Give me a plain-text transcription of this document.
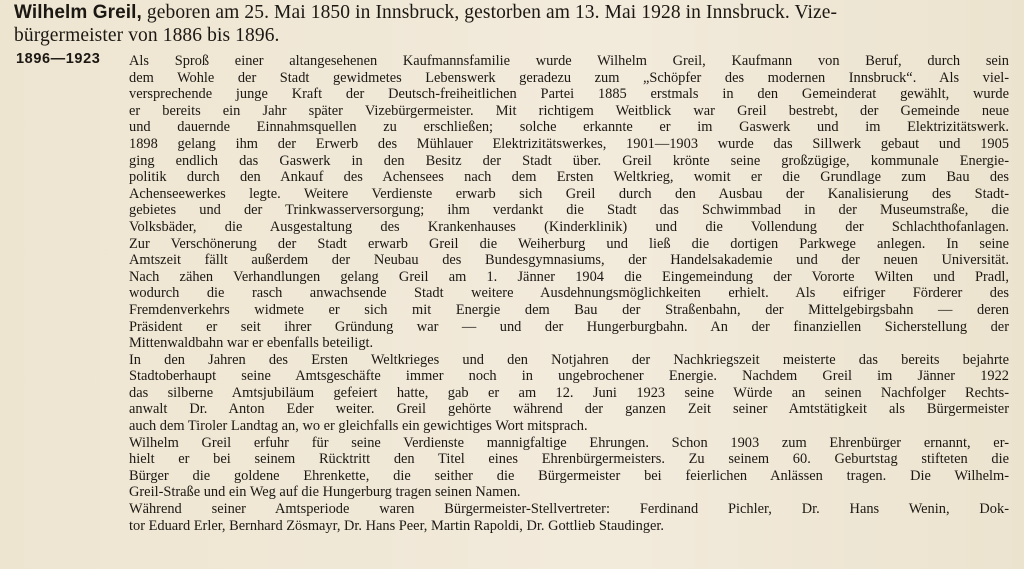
Wilhelm Greil, geboren am 25. Mai 1850 in Innsbruck, gestorben am 13. Mai 1928 in Innsbruck. Vize-
bürgermeister von 1886 bis 1896.
1896—1923 Als Sproß einer altangesehenen Kaufmannsfamilie wurde Wilhelm Greil, Kaufmann von Beruf, durch sein
dem Wohle der Stadt gewidmetes Lebenswerk geradezu zum „Schöpfer des modernen Innsbruck“. Als viel-
versprechende junge Kraft der Deutsch-freiheitlichen Partei 1885 erstmals in den Gemeinderat gewählt, wurde
er bereits ein Jahr später Vizebürgermeister. Mit richtigem Weitblick war Greil bestrebt, der Gemeinde neue
und dauernde Einnahmsquellen zu erschließen; solche erkannte er im Gaswerk und im Elektrizitätswerk.
1898 gelang ihm der Erwerb des Mühlauer Elektrizitätswerkes, 1901—1903 wurde das Sillwerk gebaut und 1905
ging endlich das Gaswerk in den Besitz der Stadt über. Greil krönte seine großzügige, kommunale Energie-
politik durch den Ankauf des Achensees nach dem Ersten Weltkrieg, womit er die Grundlage zum Bau des
Achenseewerkes legte. Weitere Verdienste erwarb sich Greil durch den Ausbau der Kanalisierung des Stadt-
gebietes und der Trinkwasserversorgung; ihm verdankt die Stadt das Schwimmbad in der Museumstraße, die
Volksbäder, die Ausgestaltung des Krankenhauses (Kinderklinik) und die Vollendung der Schlachthofanlagen.
Zur Verschönerung der Stadt erwarb Greil die Weiherburg und ließ die dortigen Parkwege anlegen. In seine
Amtszeit fällt außerdem der Neubau des Bundesgymnasiums, der Handelsakademie und der neuen Universität.
Nach zähen Verhandlungen gelang Greil am 1. Jänner 1904 die Eingemeindung der Vororte Wilten und Pradl,
wodurch die rasch anwachsende Stadt weitere Ausdehnungsmöglichkeiten erhielt. Als eifriger Förderer des
Fremdenverkehrs widmete er sich mit Energie dem Bau der Straßenbahn, der Mittelgebirgsbahn — deren
Präsident er seit ihrer Gründung war — und der Hungerburgbahn. An der finanziellen Sicherstellung der
Mittenwaldbahn war er ebenfalls beteiligt.
In den Jahren des Ersten Weltkrieges und den Notjahren der Nachkriegszeit meisterte das bereits bejahrte
Stadtoberhaupt seine Amtsgeschäfte immer noch in ungebrochener Energie. Nachdem Greil im Jänner 1922
das silberne Amtsjubiläum gefeiert hatte, gab er am 12. Juni 1923 seine Würde an seinen Nachfolger Rechts-
anwalt Dr. Anton Eder weiter. Greil gehörte während der ganzen Zeit seiner Amtstätigkeit als Bürgermeister
auch dem Tiroler Landtag an, wo er gleichfalls ein gewichtiges Wort mitsprach.
Wilhelm Greil erfuhr für seine Verdienste mannigfaltige Ehrungen. Schon 1903 zum Ehrenbürger ernannt, er-
hielt er bei seinem Rücktritt den Titel eines Ehrenbürgermeisters. Zu seinem 60. Geburtstag stifteten die
Bürger die goldene Ehrenkette, die seither die Bürgermeister bei feierlichen Anlässen tragen. Die Wilhelm-
Greil-Straße und ein Weg auf die Hungerburg tragen seinen Namen.
Während seiner Amtsperiode waren Bürgermeister-Stellvertreter: Ferdinand Pichler, Dr. Hans Wenin, Dok-
tor Eduard Erler, Bernhard Zösmayr, Dr. Hans Peer, Martin Rapoldi, Dr. Gottlieb Staudinger.
